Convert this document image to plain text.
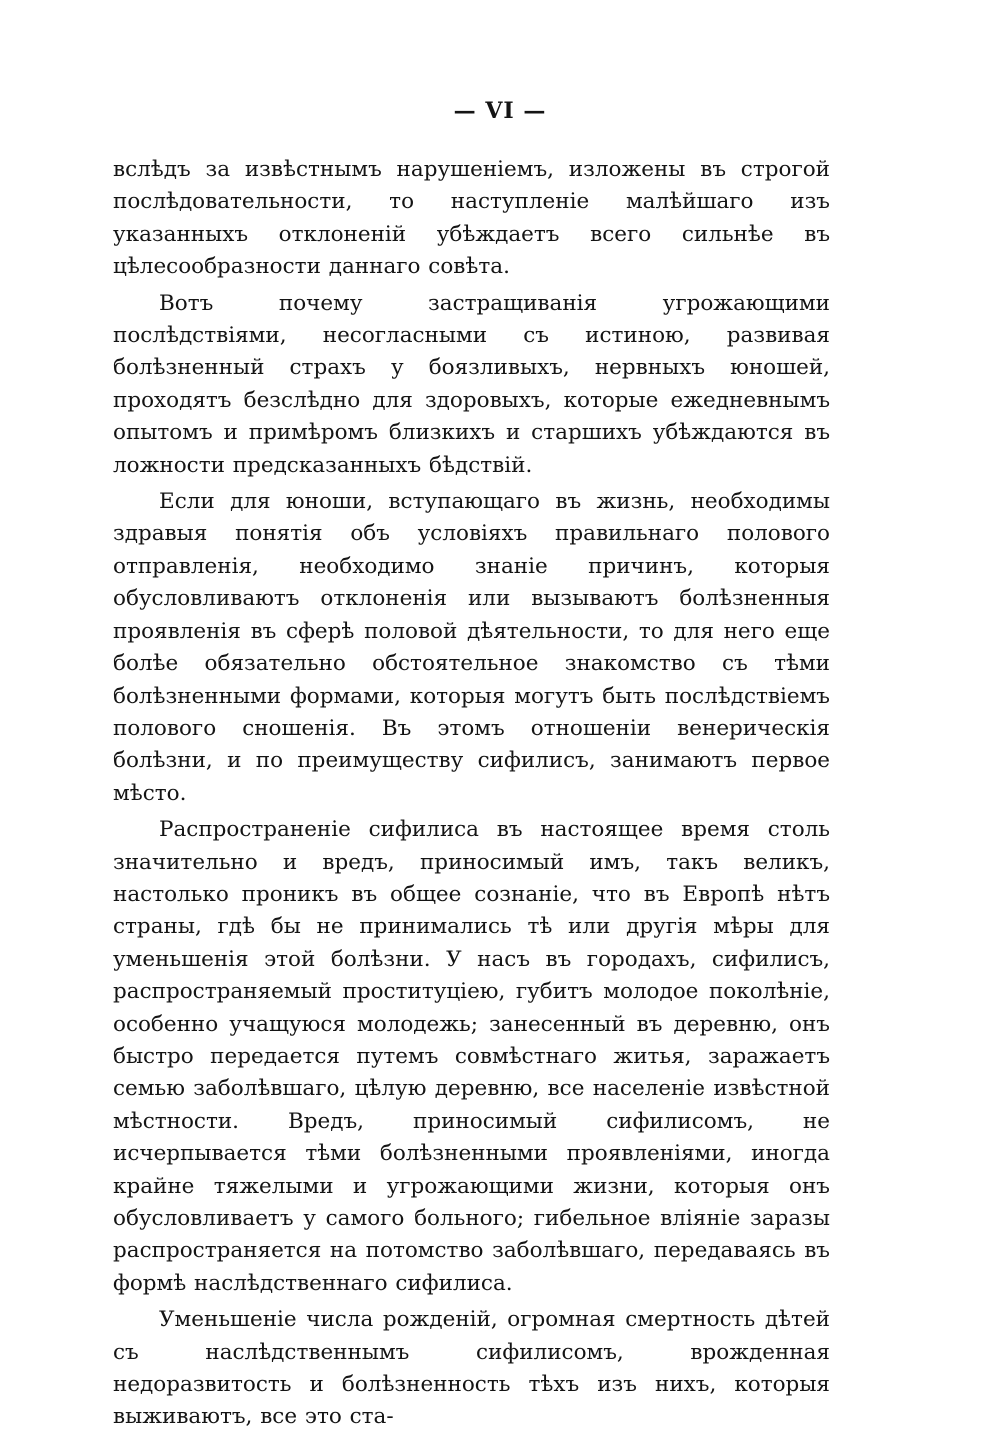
— VI —

вслѣдъ за извѣстнымъ нарушеніемъ, изложены въ строгой послѣдовательности, то наступленіе малѣйшаго изъ указанныхъ отклоненій убѣждаетъ всего сильнѣе въ цѣлесообразности даннаго совѣта.

Вотъ почему застращиванія угрожающими послѣдствіями, несогласными съ истиною, развивая болѣзненный страхъ у боязливыхъ, нервныхъ юношей, проходятъ безслѣдно для здоровыхъ, которые ежедневнымъ опытомъ и примѣромъ близкихъ и старшихъ убѣждаются въ ложности предсказанныхъ бѣдствій.

Если для юноши, вступающаго въ жизнь, необходимы здравыя понятія объ условіяхъ правильнаго полового отправленія, необходимо знаніе причинъ, которыя обусловливаютъ отклоненія или вызываютъ болѣзненныя проявленія въ сферѣ половой дѣятельности, то для него еще болѣе обязательно обстоятельное знакомство съ тѣми болѣзненными формами, которыя могутъ быть послѣдствіемъ полового сношенія. Въ этомъ отношеніи венерическія болѣзни, и по преимуществу сифилисъ, занимаютъ первое мѣсто.

Распространеніе сифилиса въ настоящее время столь значительно и вредъ, приносимый имъ, такъ великъ, настолько проникъ въ общее сознаніе, что въ Европѣ нѣтъ страны, гдѣ бы не принимались тѣ или другія мѣры для уменьшенія этой болѣзни. У насъ въ городахъ, сифилисъ, распространяемый проституціею, губитъ молодое поколѣніе, особенно учащуюся молодежь; занесенный въ деревню, онъ быстро передается путемъ совмѣстнаго житья, заражаетъ семью заболѣвшаго, цѣлую деревню, все населеніе извѣстной мѣстности. Вредъ, приносимый сифилисомъ, не исчерпывается тѣми болѣзненными проявленіями, иногда крайне тяжелыми и угрожающими жизни, которыя онъ обусловливаетъ у самого больного; гибельное вліяніе заразы распространяется на потомство заболѣвшаго, передаваясь въ формѣ наслѣдственнаго сифилиса.

Уменьшеніе числа рожденій, огромная смертность дѣтей съ наслѣдственнымъ сифилисомъ, врожденная недоразвитость и болѣзненность тѣхъ изъ нихъ, которыя выживаютъ, все это ста-
